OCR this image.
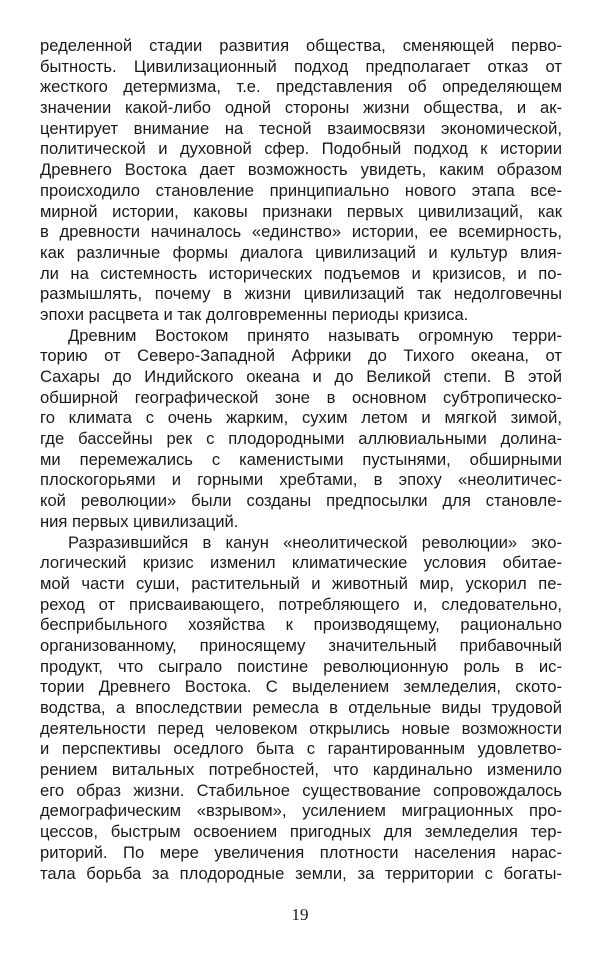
ределенной стадии развития общества, сменяющей перво-
бытность. Цивилизационный подход предполагает отказ от
жесткого детермизма, т.е. представления об определяющем
значении какой-либо одной стороны жизни общества, и ак-
центирует внимание на тесной взаимосвязи экономической,
политической и духовной сфер. Подобный подход к истории
Древнего Востока дает возможность увидеть, каким образом
происходило становление принципиально нового этапа все-
мирной истории, каковы признаки первых цивилизаций, как
в древности начиналось «единство» истории, ее всемирность,
как различные формы диалога цивилизаций и культур влия-
ли на системность исторических подъемов и кризисов, и по-
размышлять, почему в жизни цивилизаций так недолговечны
эпохи расцвета и так долговременны периоды кризиса.
Древним Востоком принято называть огромную терри-
торию от Северо-Западной Африки до Тихого океана, от
Сахары до Индийского океана и до Великой степи. В этой
обширной географической зоне в основном субтропическо-
го климата с очень жарким, сухим летом и мягкой зимой,
где бассейны рек с плодородными аллювиальными долина-
ми перемежались с каменистыми пустынями, обширными
плоскогорьями и горными хребтами, в эпоху «неолитичес-
кой революции» были созданы предпосылки для становле-
ния первых цивилизаций.
Разразившийся в канун «неолитической революции» эко-
логический кризис изменил климатические условия обитае-
мой части суши, растительный и животный мир, ускорил пе-
реход от присваивающего, потребляющего и, следовательно,
бесприбыльного хозяйства к производящему, рационально
организованному, приносящему значительный прибавочный
продукт, что сыграло поистине революционную роль в ис-
тории Древнего Востока. С выделением земледелия, ското-
водства, а впоследствии ремесла в отдельные виды трудовой
деятельности перед человеком открылись новые возможности
и перспективы оседлого быта с гарантированным удовлетво-
рением витальных потребностей, что кардинально изменило
его образ жизни. Стабильное существование сопровождалось
демографическим «взрывом», усилением миграционных про-
цессов, быстрым освоением пригодных для земледелия тер-
риторий. По мере увеличения плотности населения нарас-
тала борьба за плодородные земли, за территории с богаты-
19
